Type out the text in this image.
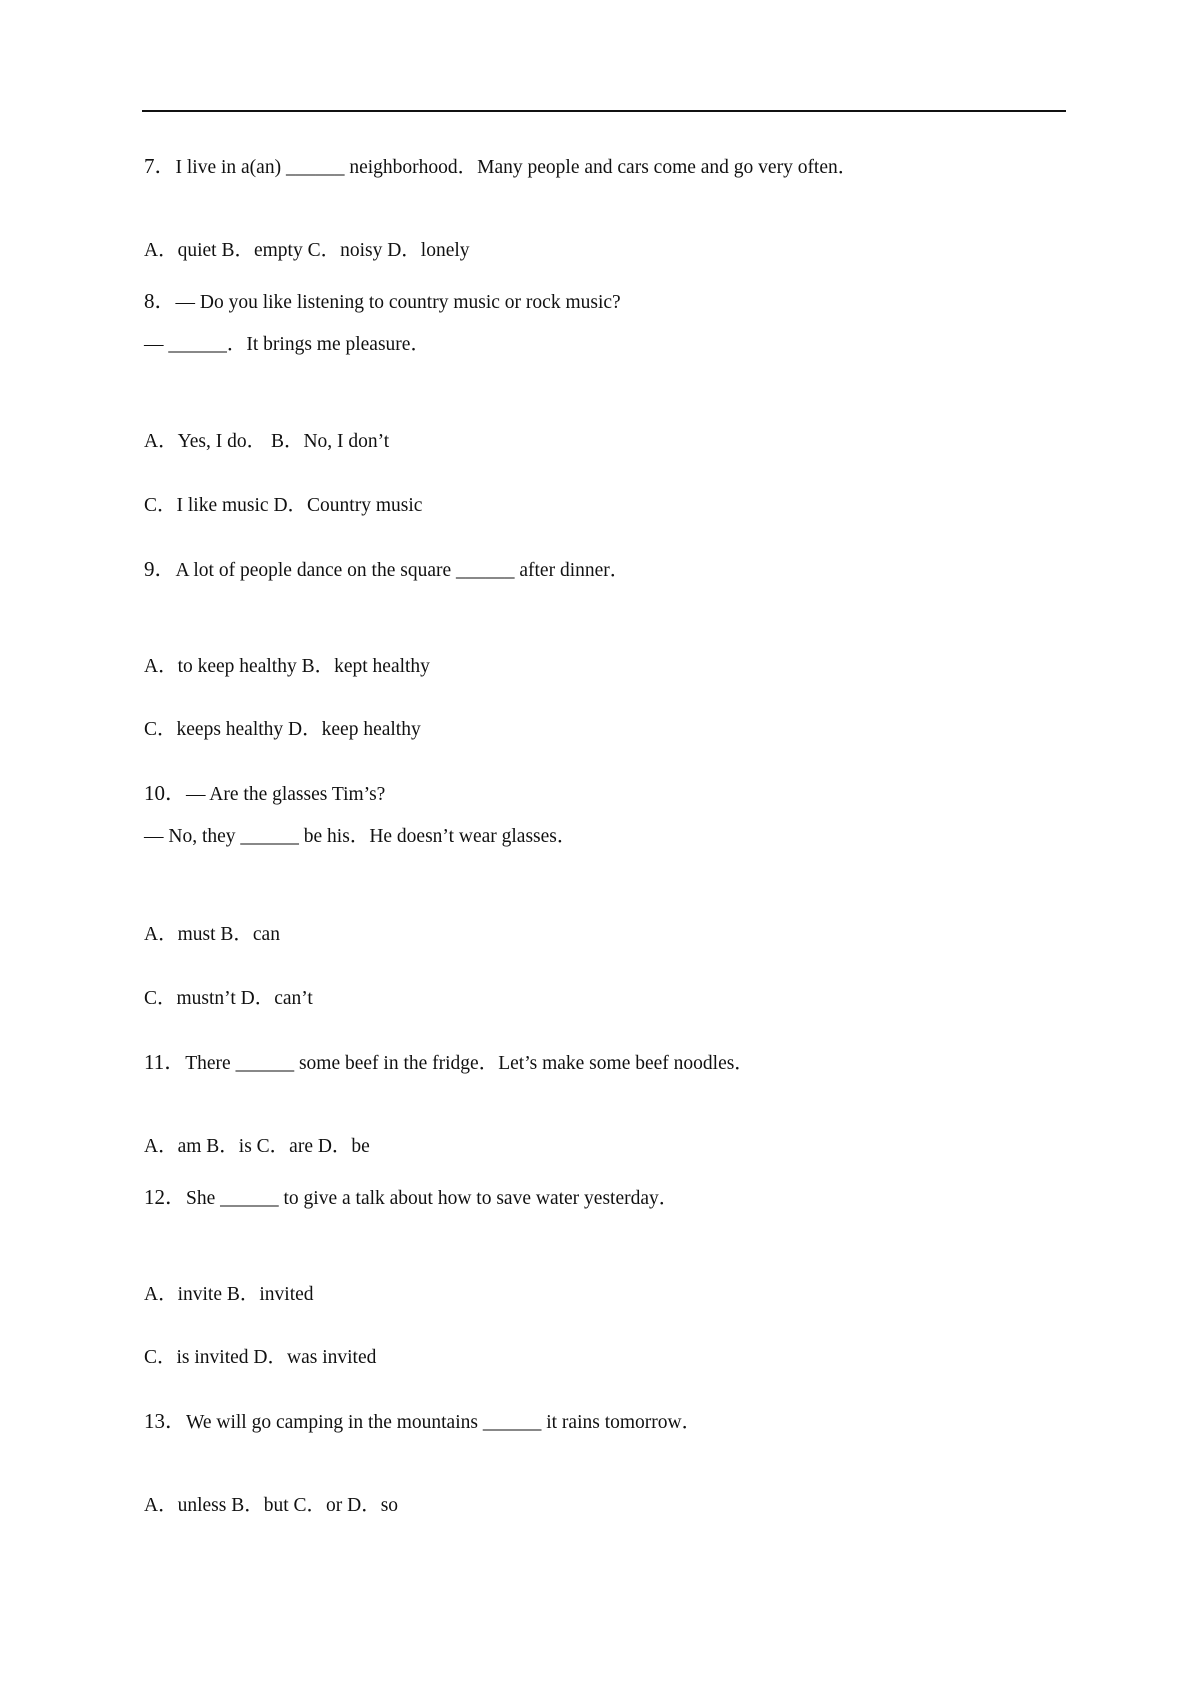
7．I live in a(an) ______ neighborhood．Many people and cars come and go very often．
A．quiet B．empty C．noisy D．lonely
8．— Do you like listening to country music or rock music?
— ______．It brings me pleasure．
A．Yes, I do． B．No, I don’t
C．I like music D．Country music
9．A lot of people dance on the square ______ after dinner．
A．to keep healthy B．kept healthy
C．keeps healthy D．keep healthy
10．— Are the glasses Tim’s?
— No, they ______ be his．He doesn’t wear glasses．
A．must B．can
C．mustn’t D．can’t
11．There ______ some beef in the fridge．Let’s make some beef noodles．
A．am B．is C．are D．be
12．She ______ to give a talk about how to save water yesterday．
A．invite B．invited
C．is invited D．was invited
13．We will go camping in the mountains ______ it rains tomorrow．
A．unless B．but C．or D．so
